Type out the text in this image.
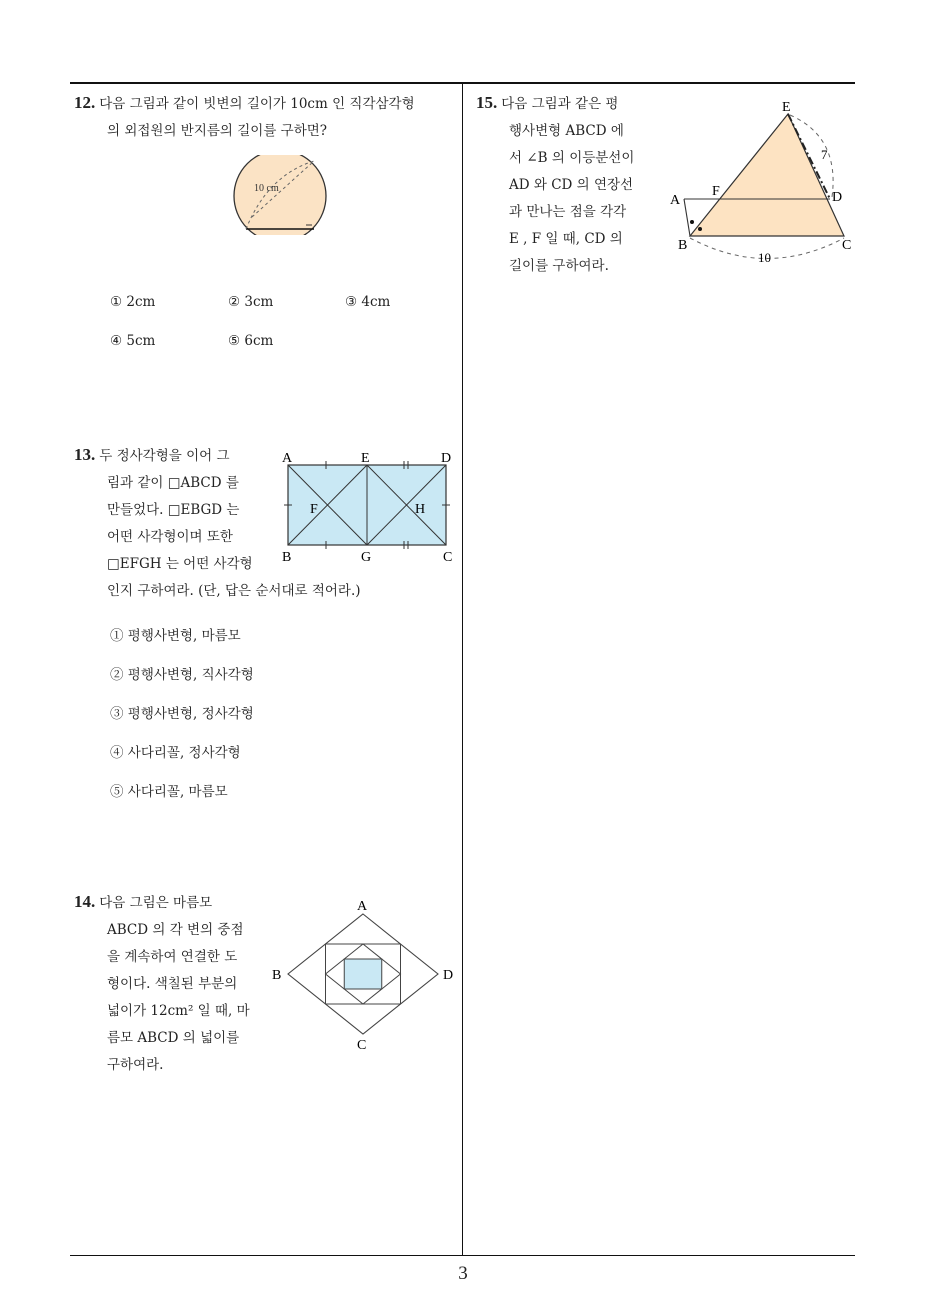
12. 다음 그림과 같이 빗변의 길이가 10cm 인 직각삼각형
의 외접원의 반지름의 길이를 구하면?
10 cm
① 2cm	② 3cm	③ 4cm
④ 5cm	⑤ 6cm
13. 두 정사각형을 이어 그
림과 같이 □ABCD 를
만들었다. □EBGD 는
어떤 사각형이며 또한
□EFGH 는 어떤 사각형
인지 구하여라. (단, 답은 순서대로 적어라.)
A	E	D
F	H
B	G	C
① 평행사변형, 마름모
② 평행사변형, 직사각형
③ 평행사변형, 정사각형
④ 사다리꼴, 정사각형
⑤ 사다리꼴, 마름모
14. 다음 그림은 마름모
ABCD 의 각 변의 중점
을 계속하여 연결한 도
형이다. 색칠된 부분의
넓이가 12cm² 일 때, 마
름모 ABCD 의 넓이를
구하여라.
A
B	D
C
15. 다음 그림과 같은 평
행사변형 ABCD 에
서 ∠B 의 이등분선이
AD 와 CD 의 연장선
과 만나는 점을 각각
E , F 일 때, CD 의
길이를 구하여라.
E
A
F	D
B	C
7
10
3
